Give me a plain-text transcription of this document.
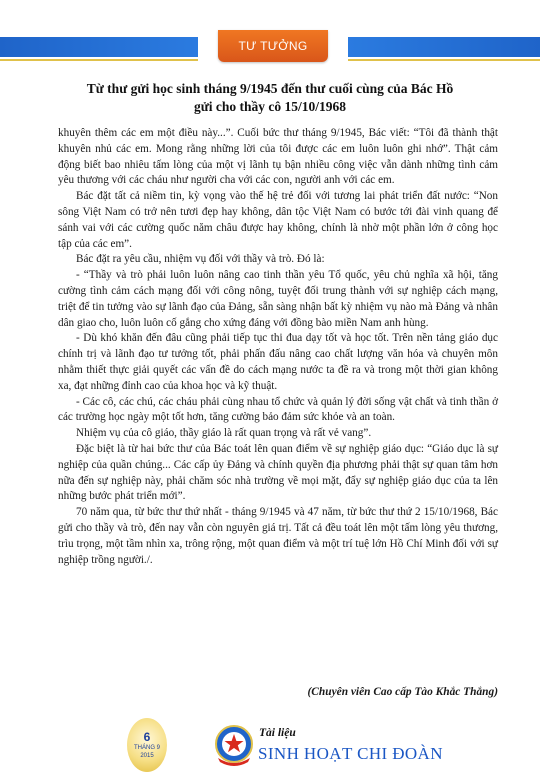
TƯ TƯỞNG
Từ thư gửi học sinh tháng 9/1945 đến thư cuối cùng của Bác Hồ
gửi cho thầy cô 15/10/1968

khuyên thêm các em một điều này...”. Cuối bức thư tháng 9/1945, Bác viết: “Tôi đã thành thật khuyên nhủ các em. Mong rằng những lời của tôi được các em luôn luôn ghi nhớ”. Thật cảm động biết bao nhiêu tấm lòng của một vị lãnh tụ bận nhiều công việc vẫn dành những tình cảm yêu thương với các cháu như người cha với các con, người anh với các em.

Bác đặt tất cả niềm tin, kỳ vọng vào thế hệ trẻ đối với tương lai phát triển đất nước: “Non sông Việt Nam có trở nên tươi đẹp hay không, dân tộc Việt Nam có bước tới đài vinh quang để sánh vai với các cường quốc năm châu được hay không, chính là nhờ một phần lớn ở công học tập của các em”.

Bác đặt ra yêu cầu, nhiệm vụ đối với thầy và trò. Đó là:

- “Thầy và trò phải luôn luôn nâng cao tinh thần yêu Tổ quốc, yêu chủ nghĩa xã hội, tăng cường tình cảm cách mạng đối với công nông, tuyệt đối trung thành với sự nghiệp cách mạng, triệt để tin tưởng vào sự lãnh đạo của Đảng, sẵn sàng nhận bất kỳ nhiệm vụ nào mà Đảng và nhân dân giao cho, luôn luôn cố gắng cho xứng đáng với đồng bào miền Nam anh hùng.

- Dù khó khăn đến đâu cũng phải tiếp tục thi đua dạy tốt và học tốt. Trên nền tảng giáo dục chính trị và lãnh đạo tư tưởng tốt, phải phấn đấu nâng cao chất lượng văn hóa và chuyên môn nhằm thiết thực giải quyết các vấn đề do cách mạng nước ta đề ra và trong một thời gian không xa, đạt những đỉnh cao của khoa học và kỹ thuật.

- Các cô, các chú, các cháu phải cùng nhau tổ chức và quản lý đời sống vật chất và tinh thần ở các trường học ngày một tốt hơn, tăng cường bảo đảm sức khỏe và an toàn.

Nhiệm vụ của cô giáo, thầy giáo là rất quan trọng và rất vẻ vang”.

Đặc biệt là từ hai bức thư của Bác toát lên quan điểm về sự nghiệp giáo dục: “Giáo dục là sự nghiệp của quần chúng... Các cấp ủy Đảng và chính quyền địa phương phải thật sự quan tâm hơn nữa đến sự nghiệp này, phải chăm sóc nhà trường về mọi mặt, đẩy sự nghiệp giáo dục của ta lên những bước phát triển mới”.

70 năm qua, từ bức thư thứ nhất - tháng 9/1945 và 47 năm, từ bức thư thứ 2 15/10/1968, Bác gửi cho thầy và trò, đến nay vẫn còn nguyên giá trị. Tất cả đều toát lên một tấm lòng yêu thương, trìu trọng, một tầm nhìn xa, trông rộng, một quan điểm và một trí tuệ lớn Hồ Chí Minh đối với sự nghiệp trồng người./.

(Chuyên viên Cao cấp Tào Khắc Thắng)
6
THÁNG 9
2015
Tài liệu
SINH HOẠT CHI ĐOÀN
